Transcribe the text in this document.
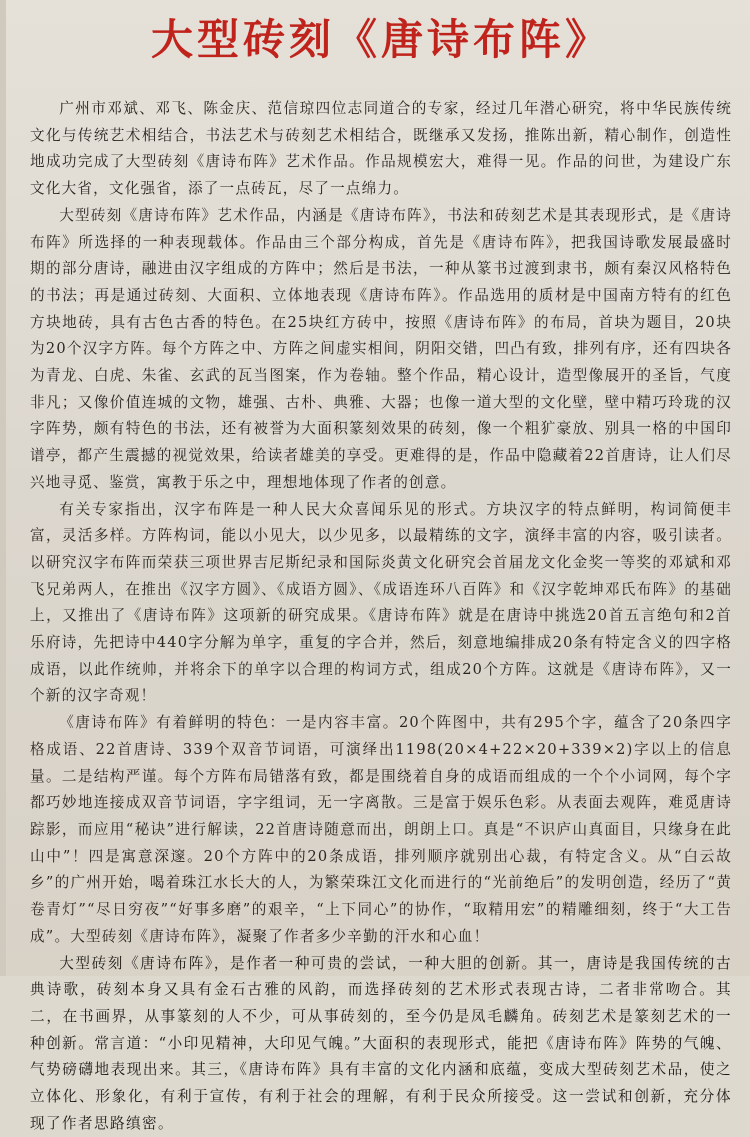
大型砖刻《唐诗布阵》

广州市邓斌、邓飞、陈金庆、范信琼四位志同道合的专家，经过几年潜心研究，将中华民族传统文化与传统艺术相结合，书法艺术与砖刻艺术相结合，既继承又发扬，推陈出新，精心制作，创造性地成功完成了大型砖刻《唐诗布阵》艺术作品。作品规模宏大，难得一见。作品的问世，为建设广东文化大省，文化强省，添了一点砖瓦，尽了一点绵力。

大型砖刻《唐诗布阵》艺术作品，内涵是《唐诗布阵》，书法和砖刻艺术是其表现形式，是《唐诗布阵》所选择的一种表现载体。作品由三个部分构成，首先是《唐诗布阵》，把我国诗歌发展最盛时期的部分唐诗，融进由汉字组成的方阵中；然后是书法，一种从篆书过渡到隶书，颇有秦汉风格特色的书法；再是通过砖刻、大面积、立体地表现《唐诗布阵》。作品选用的质材是中国南方特有的红色方块地砖，具有古色古香的特色。在25块红方砖中，按照《唐诗布阵》的布局，首块为题目，20块为20个汉字方阵。每个方阵之中、方阵之间虚实相间，阴阳交错，凹凸有致，排列有序，还有四块各为青龙、白虎、朱雀、玄武的瓦当图案，作为卷轴。整个作品，精心设计，造型像展开的圣旨，气度非凡；又像价值连城的文物，雄强、古朴、典雅、大器；也像一道大型的文化壁，壁中精巧玲珑的汉字阵势，颇有特色的书法，还有被誉为大面积篆刻效果的砖刻，像一个粗犷豪放、别具一格的中国印谱亭，都产生震撼的视觉效果，给读者雄美的享受。更难得的是，作品中隐藏着22首唐诗，让人们尽兴地寻觅、鉴赏，寓教于乐之中，理想地体现了作者的创意。

有关专家指出，汉字布阵是一种人民大众喜闻乐见的形式。方块汉字的特点鲜明，构词简便丰富，灵活多样。方阵构词，能以小见大，以少见多，以最精练的文字，演绎丰富的内容，吸引读者。以研究汉字布阵而荣获三项世界吉尼斯纪录和国际炎黄文化研究会首届龙文化金奖一等奖的邓斌和邓飞兄弟两人，在推出《汉字方圆》、《成语方圆》、《成语连环八百阵》和《汉字乾坤邓氏布阵》的基础上，又推出了《唐诗布阵》这项新的研究成果。《唐诗布阵》就是在唐诗中挑选20首五言绝句和2首乐府诗，先把诗中440字分解为单字，重复的字合并，然后，刻意地编排成20条有特定含义的四字格成语，以此作统帅，并将余下的单字以合理的构词方式，组成20个方阵。这就是《唐诗布阵》，又一个新的汉字奇观！

《唐诗布阵》有着鲜明的特色：一是内容丰富。20个阵图中，共有295个字，蕴含了20条四字格成语、22首唐诗、339个双音节词语，可演绎出1198(20×4+22×20+339×2)字以上的信息量。二是结构严谨。每个方阵布局错落有致，都是围绕着自身的成语而组成的一个个小词网，每个字都巧妙地连接成双音节词语，字字组词，无一字离散。三是富于娱乐色彩。从表面去观阵，难觅唐诗踪影，而应用“秘诀”进行解读，22首唐诗随意而出，朗朗上口。真是“不识庐山真面目，只缘身在此山中”！四是寓意深邃。20个方阵中的20条成语，排列顺序就别出心裁，有特定含义。从“白云故乡”的广州开始，喝着珠江水长大的人，为繁荣珠江文化而进行的“光前绝后”的发明创造，经历了“黄卷青灯”“尽日穷夜”“好事多磨”的艰辛，“上下同心”的协作，“取精用宏”的精雕细刻，终于“大工告成”。大型砖刻《唐诗布阵》，凝聚了作者多少辛勤的汗水和心血！

大型砖刻《唐诗布阵》，是作者一种可贵的尝试，一种大胆的创新。其一，唐诗是我国传统的古典诗歌，砖刻本身又具有金石古雅的风韵，而选择砖刻的艺术形式表现古诗，二者非常吻合。其二，在书画界，从事篆刻的人不少，可从事砖刻的，至今仍是凤毛麟角。砖刻艺术是篆刻艺术的一种创新。常言道：“小印见精神，大印见气魄。”大面积的表现形式，能把《唐诗布阵》阵势的气魄、气势磅礴地表现出来。其三，《唐诗布阵》具有丰富的文化内涵和底蕴，变成大型砖刻艺术品，使之立体化、形象化，有利于宣传，有利于社会的理解，有利于民众所接受。这一尝试和创新，充分体现了作者思路缜密。
